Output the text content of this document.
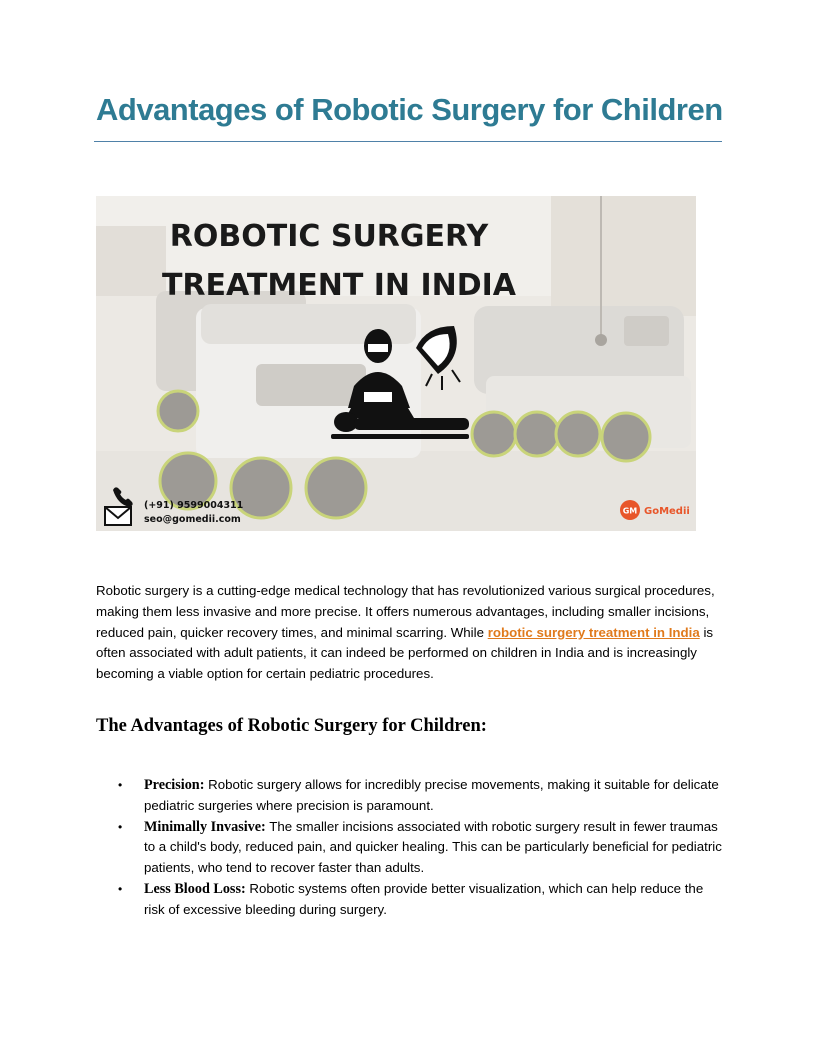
Advantages of Robotic Surgery for Children
ROBOTIC SURGERY
TREATMENT IN INDIA
(+91) 9599004311
seo@gomedii.com
GM GoMedii

Robotic surgery is a cutting-edge medical technology that has revolutionized various surgical procedures, making them less invasive and more precise. It offers numerous advantages, including smaller incisions, reduced pain, quicker recovery times, and minimal scarring. While robotic surgery treatment in India is often associated with adult patients, it can indeed be performed on children in India and is increasingly becoming a viable option for certain pediatric procedures.

The Advantages of Robotic Surgery for Children:
• Precision: Robotic surgery allows for incredibly precise movements, making it suitable for delicate pediatric surgeries where precision is paramount.
• Minimally Invasive: The smaller incisions associated with robotic surgery result in fewer traumas to a child's body, reduced pain, and quicker healing. This can be particularly beneficial for pediatric patients, who tend to recover faster than adults.
• Less Blood Loss: Robotic systems often provide better visualization, which can help reduce the risk of excessive bleeding during surgery.
